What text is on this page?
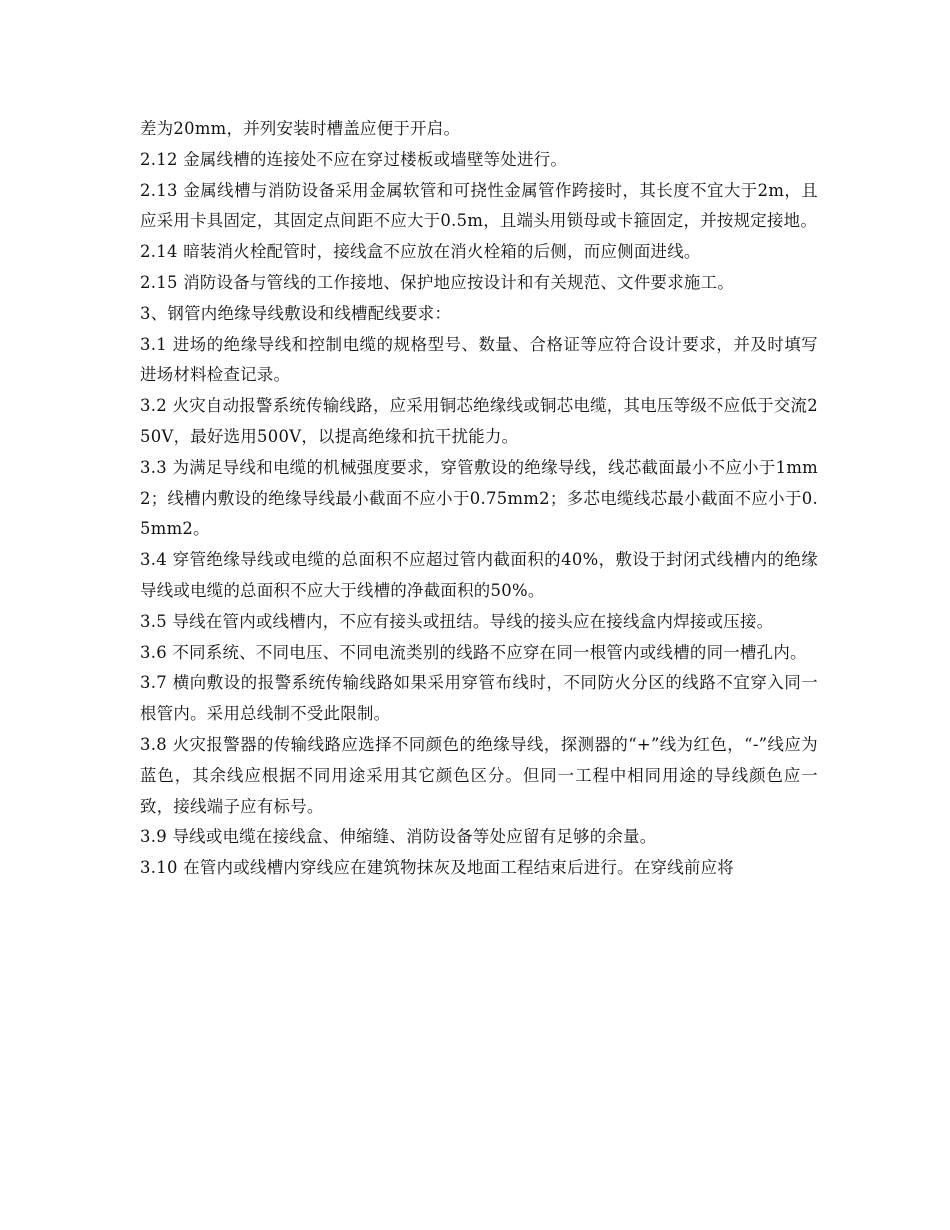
差为20mm，并列安装时槽盖应便于开启。

2.12 金属线槽的连接处不应在穿过楼板或墙壁等处进行。

2.13 金属线槽与消防设备采用金属软管和可挠性金属管作跨接时，其长度不宜大于2m，且应采用卡具固定，其固定点间距不应大于0.5m，且端头用锁母或卡箍固定，并按规定接地。

2.14 暗装消火栓配管时，接线盒不应放在消火栓箱的后侧，而应侧面进线。

2.15 消防设备与管线的工作接地、保护地应按设计和有关规范、文件要求施工。

3、钢管内绝缘导线敷设和线槽配线要求：

3.1 进场的绝缘导线和控制电缆的规格型号、数量、合格证等应符合设计要求，并及时填写进场材料检查记录。

3.2 火灾自动报警系统传输线路，应采用铜芯绝缘线或铜芯电缆，其电压等级不应低于交流250V，最好选用500V，以提高绝缘和抗干扰能力。

3.3 为满足导线和电缆的机械强度要求，穿管敷设的绝缘导线，线芯截面最小不应小于1mm2；线槽内敷设的绝缘导线最小截面不应小于0.75mm2；多芯电缆线芯最小截面不应小于0.5mm2。

3.4 穿管绝缘导线或电缆的总面积不应超过管内截面积的40%，敷设于封闭式线槽内的绝缘导线或电缆的总面积不应大于线槽的净截面积的50%。

3.5 导线在管内或线槽内，不应有接头或扭结。导线的接头应在接线盒内焊接或压接。

3.6 不同系统、不同电压、不同电流类别的线路不应穿在同一根管内或线槽的同一槽孔内。

3.7 横向敷设的报警系统传输线路如果采用穿管布线时，不同防火分区的线路不宜穿入同一根管内。采用总线制不受此限制。

3.8 火灾报警器的传输线路应选择不同颜色的绝缘导线，探测器的“+”线为红色，“-”线应为蓝色，其余线应根据不同用途采用其它颜色区分。但同一工程中相同用途的导线颜色应一致，接线端子应有标号。

3.9 导线或电缆在接线盒、伸缩缝、消防设备等处应留有足够的余量。

3.10 在管内或线槽内穿线应在建筑物抹灰及地面工程结束后进行。在穿线前应将
